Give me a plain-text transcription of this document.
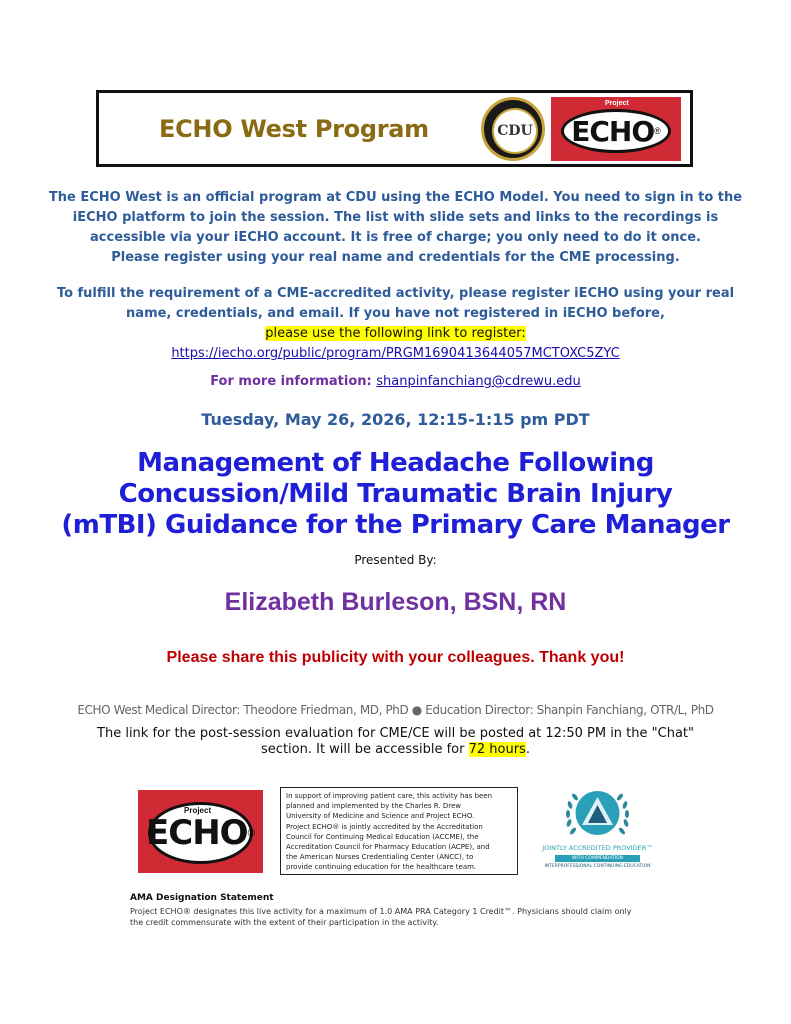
ECHO West Program	CDU
Project
ECHO ®
The ECHO West is an official program at CDU using the ECHO Model. You need to sign in to the
iECHO platform to join the session. The list with slide sets and links to the recordings is
accessible via your iECHO account. It is free of charge; you only need to do it once.
Please register using your real name and credentials for the CME processing.
To fulfill the requirement of a CME-accredited activity, please register iECHO using your real
name, credentials, and email. If you have not registered in iECHO before,
please use the following link to register:
https://iecho.org/public/program/PRGM1690413644057MCTOXC5ZYC
For more information: shanpinfanchiang@cdrewu.edu
Tuesday, May 26, 2026, 12:15-1:15 pm PDT
Management of Headache Following
Concussion/Mild Traumatic Brain Injury
(mTBI) Guidance for the Primary Care Manager
Presented By:
Elizabeth Burleson, BSN, RN
Please share this publicity with your colleagues. Thank you!
ECHO West Medical Director: Theodore Friedman, MD, PhD ● Education Director: Shanpin Fanchiang, OTR/L, PhD
The link for the post-session evaluation for CME/CE will be posted at 12:50 PM in the "Chat"
section. It will be accessible for 72 hours.
Project
ECHO ®
In support of improving patient care, this activity has been
planned and implemented by the Charles R. Drew
University of Medicine and Science and Project ECHO.
Project ECHO® is jointly accredited by the Accreditation
Council for Continuing Medical Education (ACCME), the
Accreditation Council for Pharmacy Education (ACPE), and
the American Nurses Credentialing Center (ANCC), to
provide continuing education for the healthcare team.
JOINTLY ACCREDITED PROVIDER™
WITH COMMENDATION
INTERPROFESSIONAL CONTINUING EDUCATION
AMA Designation Statement
Project ECHO® designates this live activity for a maximum of 1.0 AMA PRA Category 1 Credit™. Physicians should claim only
the credit commensurate with the extent of their participation in the activity.
